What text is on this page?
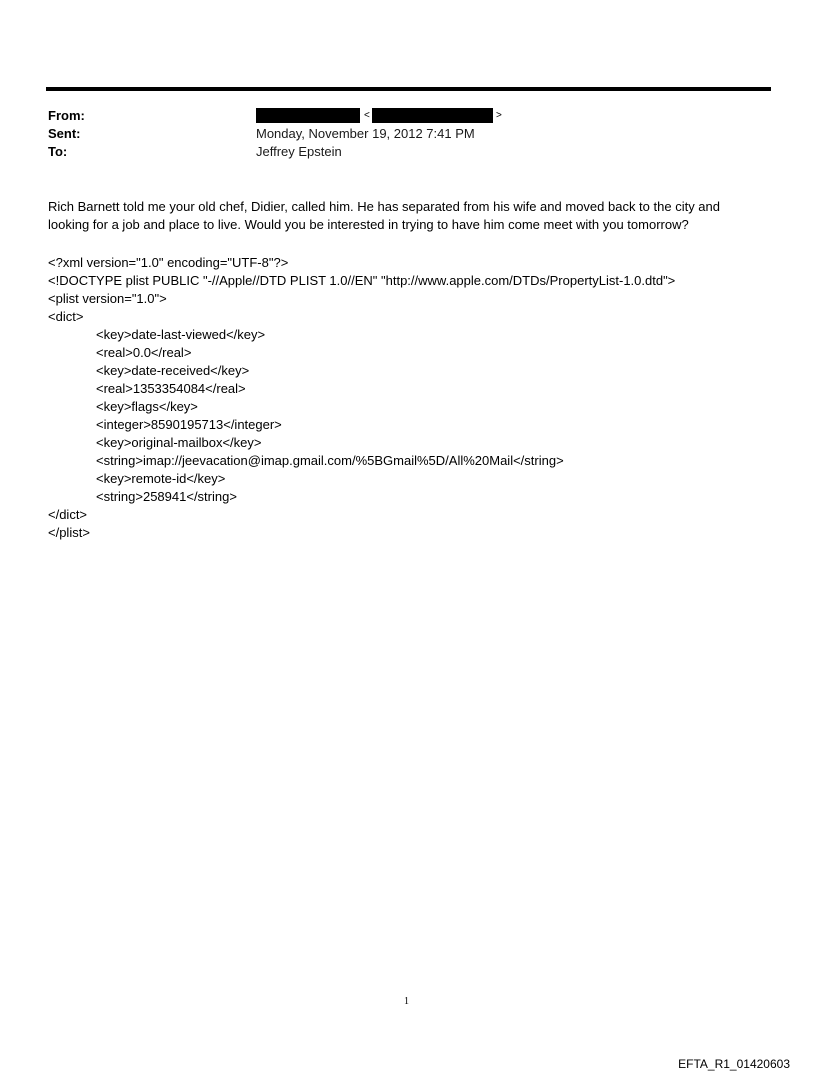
From:	<	>
Sent:	Monday, November 19, 2012 7:41 PM
To:	Jeffrey Epstein
Rich Barnett told me your old chef, Didier, called him. He has separated from his wife and moved back to the city and
looking for a job and place to live. Would you be interested in trying to have him come meet with you tomorrow?
<?xml version="1.0" encoding="UTF-8"?>
<!DOCTYPE plist PUBLIC "-//Apple//DTD PLIST 1.0//EN" "http://www.apple.com/DTDs/PropertyList-1.0.dtd">
<plist version="1.0">
<dict>
<key>date-last-viewed</key>
<real>0.0</real>
<key>date-received</key>
<real>1353354084</real>
<key>flags</key>
<integer>8590195713</integer>
<key>original-mailbox</key>
<string>imap://jeevacation@imap.gmail.com/%5BGmail%5D/All%20Mail</string>
<key>remote-id</key>
<string>258941</string>
</dict>
</plist>
1
EFTA_R1_01420603
